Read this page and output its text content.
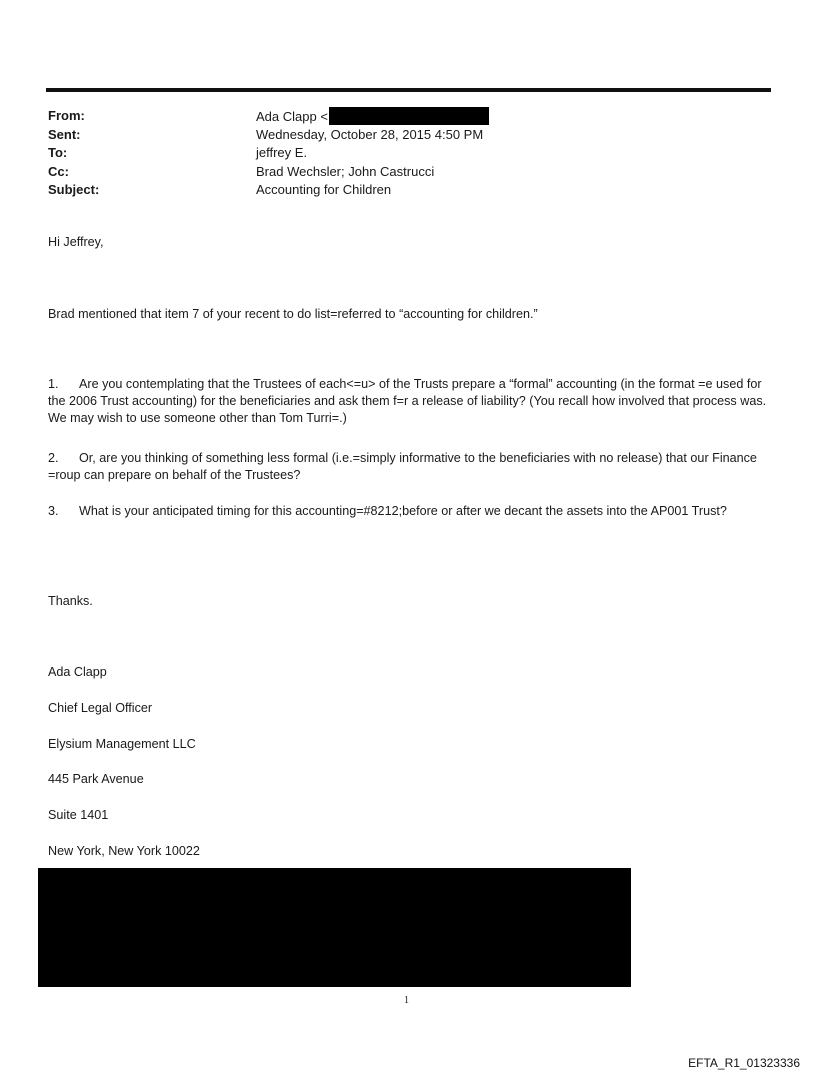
From:	Ada Clapp <
Sent:	Wednesday, October 28, 2015 4:50 PM
To:	jeffrey E.
Cc:	Brad Wechsler; John Castrucci
Subject:	Accounting for Children
Hi Jeffrey,
Brad mentioned that item 7 of your recent to do list=referred to “accounting for children.”
1. Are you contemplating that the Trustees of each<=u> of the Trusts prepare a “formal” accounting (in the format =e used for the 2006 Trust accounting) for the beneficiaries and ask them f=r a release of liability? (You recall how involved that process was. We may wish to use someone other than Tom Turri=.)
2. Or, are you thinking of something less formal (i.e.=simply informative to the beneficiaries with no release) that our Finance =roup can prepare on behalf of the Trustees?
3. What is your anticipated timing for this accounting=#8212;before or after we decant the assets into the AP001 Trust?
Thanks.
Ada Clapp
Chief Legal Officer
Elysium Management LLC
445 Park Avenue
Suite 1401
New York, New York 10022
1
EFTA_R1_01323336
